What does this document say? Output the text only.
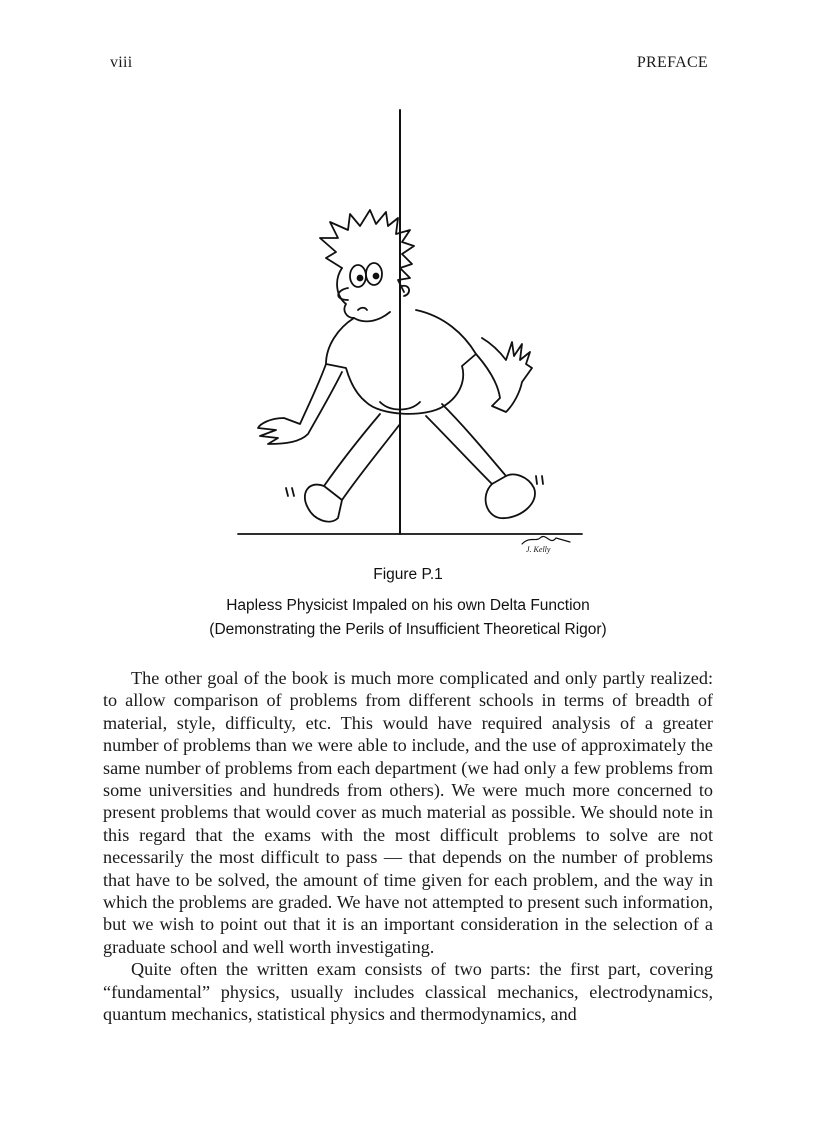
viii	PREFACE
J. Kelly
Figure P.1
Hapless Physicist Impaled on his own Delta Function
(Demonstrating the Perils of Insufficient Theoretical Rigor)

The other goal of the book is much more complicated and only partly realized: to allow comparison of problems from different schools in terms of breadth of material, style, difficulty, etc. This would have required analysis of a greater number of problems than we were able to include, and the use of approximately the same number of problems from each department (we had only a few problems from some universities and hundreds from others). We were much more concerned to present problems that would cover as much material as possible. We should note in this regard that the exams with the most difficult problems to solve are not necessarily the most difficult to pass — that depends on the number of problems that have to be solved, the amount of time given for each problem, and the way in which the problems are graded. We have not attempted to present such information, but we wish to point out that it is an important consideration in the selection of a graduate school and well worth investigating.

Quite often the written exam consists of two parts: the first part, covering “fundamental” physics, usually includes classical mechanics, electrodynamics, quantum mechanics, statistical physics and thermodynamics, and
